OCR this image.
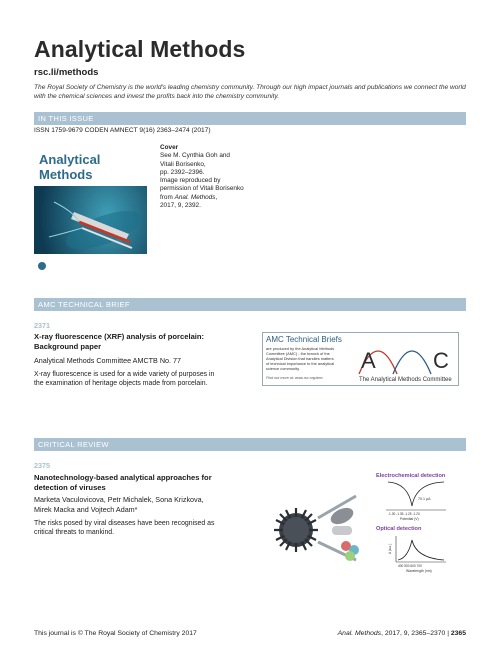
Analytical Methods
rsc.li/methods
The Royal Society of Chemistry is the world's leading chemistry community. Through our high impact journals and publications we connect the world with the chemical sciences and invest the profits back into the chemistry community.
IN THIS ISSUE
ISSN 1759-9679 CODEN AMNECT 9(16) 2363–2474 (2017)
Analytical
Methods
Cover
See M. Cynthia Goh and
Vitali Borisenko,
pp. 2392–2396.
Image reproduced by
permission of Vitali Borisenko
from Anal. Methods,
2017, 9, 2392.
AMC TECHNICAL BRIEF
2371
X-ray fluorescence (XRF) analysis of porcelain:
Background paper
Analytical Methods Committee AMCTB No. 77
X-ray fluorescence is used for a wide variety of purposes in
the examination of heritage objects made from porcelain.
AMC Technical Briefs
are produced by the Analytical Methods
Committee (AMC) - the branch of the
Analytical Division that handles matters
of technical importance to the analytical
science community.
Find out more at: www.rsc.org/amc
A	C
The Analytical Methods Committee
CRITICAL REVIEW
2375
Nanotechnology-based analytical approaches for
detection of viruses
Marketa Vaculovicova, Petr Michalek, Sona Krizkova,
Mirek Macka and Vojtech Adam*
The risks posed by viral diseases have been recognised as
critical threats to mankind.
Electrochemical detection
70.1 μA
-1.30 -1.35 -1.25 -1.20
Potential (V)
Optical detection
A (a.u.)
400 500 600 700
Wavelength (nm)
This journal is © The Royal Society of Chemistry 2017	Anal. Methods, 2017, 9, 2365–2370 | 2365
